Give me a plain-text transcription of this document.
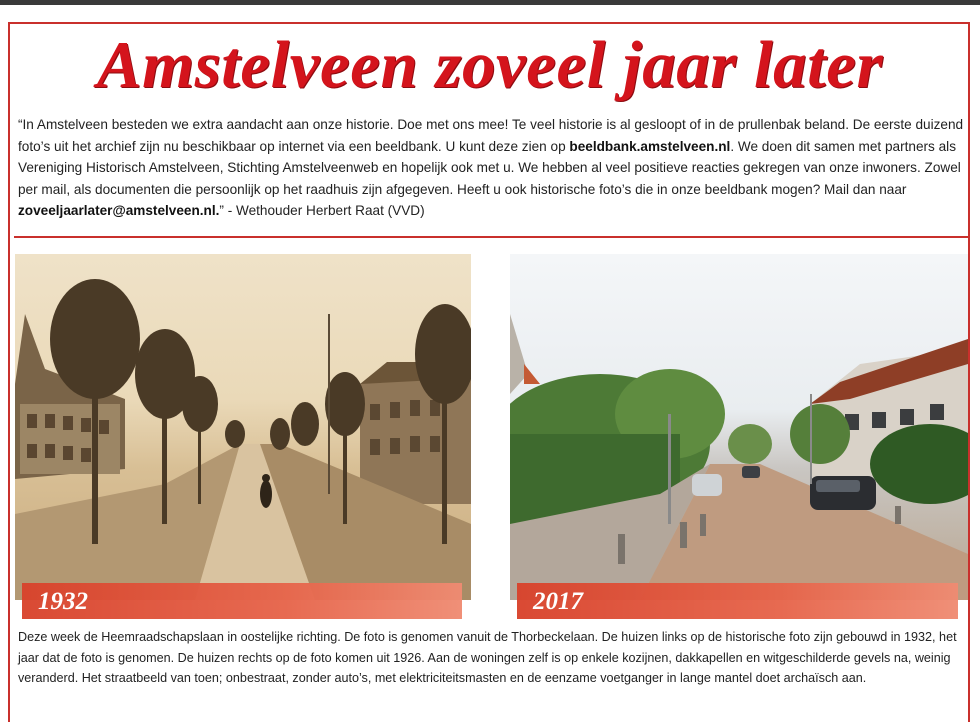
Amstelveen zoveel jaar later
“In Amstelveen besteden we extra aandacht aan onze historie. Doe met ons mee! Te veel historie is al gesloopt of in de prullenbak beland. De eerste duizend foto’s uit het archief zijn nu beschikbaar op internet via een beeldbank. U kunt deze zien op beeldbank.amstelveen.nl. We doen dit samen met partners als Vereniging Historisch Amstelveen, Stichting Amstelveenweb en hopelijk ook met u. We hebben al veel positieve reacties gekregen van onze inwoners. Zowel per mail, als documenten die persoonlijk op het raadhuis zijn afgegeven. Heeft u ook historische foto’s die in onze beeldbank mogen? Mail dan naar zoveeljaarlater@amstelveen.nl.” - Wethouder Herbert Raat (VVD)
1932	2017
Deze week de Heemraadschapslaan in oostelijke richting. De foto is genomen vanuit de Thorbeckelaan. De huizen links op de historische foto zijn gebouwd in 1932, het jaar dat de foto is genomen. De huizen rechts op de foto komen uit 1926. Aan de woningen zelf is op enkele kozijnen, dakkapellen en witgeschilderde gevels na, weinig veranderd. Het straatbeeld van toen; onbestraat, zonder auto’s, met elektriciteitsmasten en de eenzame voetganger in lange mantel doet archaïsch aan.
